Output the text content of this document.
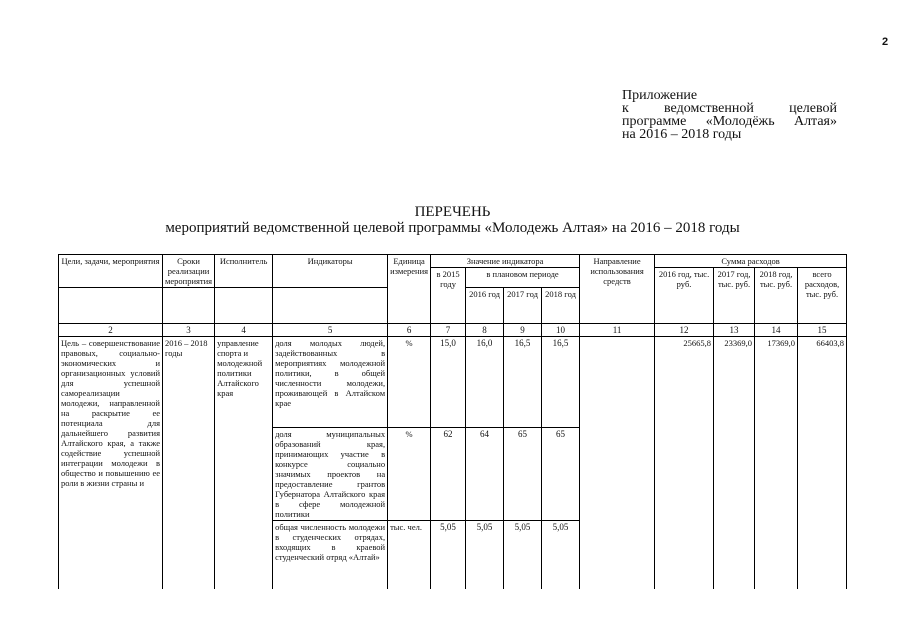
2
Приложение
к ведомственной целевой
программе «Молодёжь Алтая»
на 2016 – 2018 годы
ПЕРЕЧЕНЬ
мероприятий ведомственной целевой программы «Молодежь Алтая» на 2016 – 2018 годы
Цели, задачи, мероприятия	Сроки реализации мероприятия	Исполнитель	Индикаторы	Единица измерения	Значение индикатора				Направление использования средств	Сумма расходов			
					в 2015 году	в плановом периоде				2016 год, тыс. руб.	2017 год, тыс. руб.	2018 год, тыс. руб.	всего расходов, тыс. руб.
						2016 год	2017 год	2018 год					
2	3	4	5	6	7	8	9	10	11	12	13	14	15
Цель – совершенствование правовых, социально-экономических и организационных условий для успешной самореализации молодежи, направленной на раскрытие ее потенциала для дальнейшего развития Алтайского края, а также содействие успешной интеграции молодежи в общество и повышению ее роли в жизни страны и	2016 – 2018 годы	управление спорта и молодежной политики Алтайского края	доля молодых людей, задействованных в мероприятиях молодежной политики, в общей численности молодежи, проживающей в Алтайском крае	%	15,0	16,0	16,5	16,5		25665,8	23369,0	17369,0	66403,8
			доля муниципальных образований края, принимающих участие в конкурсе социально значимых проектов на предоставление грантов Губернатора Алтайского края в сфере молодежной политики	%	62	64	65	65					
			общая численность молодежи в студенческих отрядах, входящих в краевой студенческий отряд «Алтай»	тыс. чел.	5,05	5,05	5,05	5,05					
